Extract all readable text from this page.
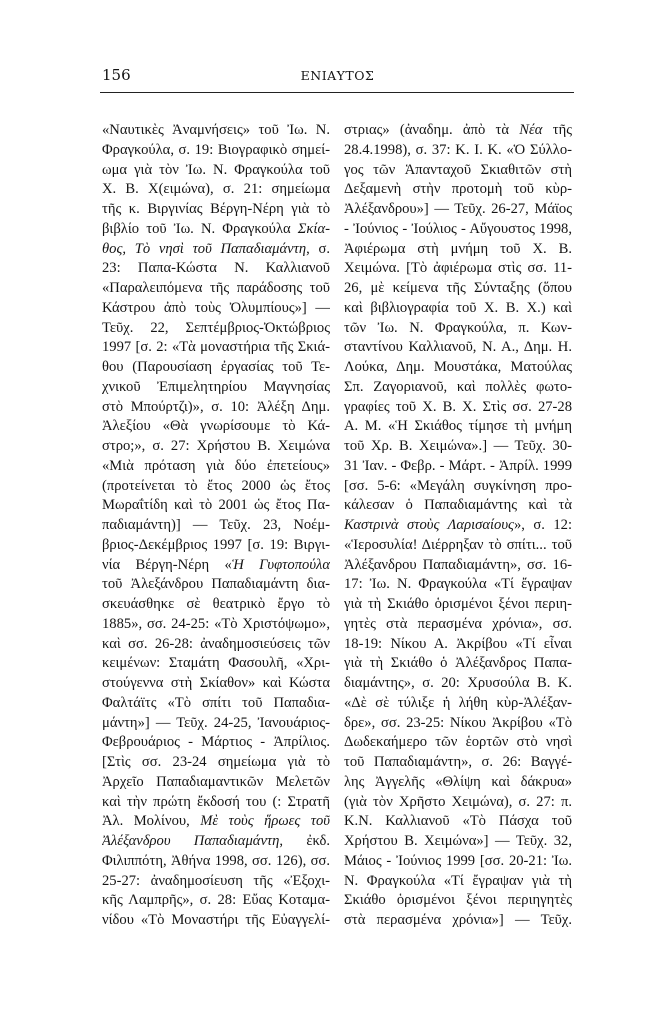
156	ΕΝΙΑΥΤΟΣ
«Ναυτικὲς Ἀναμνήσεις» τοῦ Ἰω. Ν.
Φραγκούλα, σ. 19: Βιογραφικὸ σημεί-
ωμα γιὰ τὸν Ἰω. Ν. Φραγκούλα τοῦ
Χ. Β. Χ(ειμώνα), σ. 21: σημείωμα
τῆς κ. Βιργινίας Βέργη-Νέρη γιὰ τὸ
βιβλίο τοῦ Ἰω. Ν. Φραγκούλα Σκία-
θος, Τὸ νησὶ τοῦ Παπαδιαμάντη, σ.
23: Παπα-Κώστα Ν. Καλλιανοῦ
«Παραλειπόμενα τῆς παράδοσης τοῦ
Κάστρου ἀπὸ τοὺς Ὀλυμπίους»] —
Τεῦχ. 22, Σεπτέμβριος-Ὀκτώβριος
1997 [σ. 2: «Τὰ μοναστήρια τῆς Σκιά-
θου (Παρουσίαση ἐργασίας τοῦ Τε-
χνικοῦ Ἐπιμελητηρίου Μαγνησίας
στὸ Μπούρτζι)», σ. 10: Ἀλέξη Δημ.
Ἀλεξίου «Θὰ γνωρίσουμε τὸ Κά-
στρο;», σ. 27: Χρήστου Β. Χειμώνα
«Μιὰ πρόταση γιὰ δύο ἐπετείους»
(προτείνεται τὸ ἔτος 2000 ὡς ἔτος
Μωραΐτίδη καὶ τὸ 2001 ὡς ἔτος Πα-
παδιαμάντη)] — Τεῦχ. 23, Νοέμ-
βριος-Δεκέμβριος 1997 [σ. 19: Βιργι-
νία Βέργη-Νέρη «Ἡ Γυφτοπούλα
τοῦ Ἀλεξάνδρου Παπαδιαμάντη δια-
σκευάσθηκε σὲ θεατρικὸ ἔργο τὸ
1885», σσ. 24-25: «Τὸ Χριστόψωμο»,
καὶ σσ. 26-28: ἀναδημοσιεύσεις τῶν
κειμένων: Σταμάτη Φασουλῆ, «Χρι-
στούγεννα στὴ Σκίαθον» καὶ Κώστα
Φαλτάϊτς «Τὸ σπίτι τοῦ Παπαδια-
μάντη»] — Τεῦχ. 24-25, Ἰανουάριος-
Φεβρουάριος - Μάρτιος - Ἀπρίλιος.
[Στὶς σσ. 23-24 σημείωμα γιὰ τὸ
Ἀρχεῖο Παπαδιαμαντικῶν Μελετῶν
καὶ τὴν πρώτη ἔκδοσή του (: Στρατῆ
Ἀλ. Μολίνου, Μὲ τοὺς ἥρωες τοῦ
Ἀλέξανδρου Παπαδιαμάντη, ἐκδ.
Φιλιππότη, Ἀθήνα 1998, σσ. 126), σσ.
25-27: ἀναδημοσίευση τῆς «Ἐξοχι-
κῆς Λαμπρῆς», σ. 28: Εὔας Κοταμα-
νίδου «Τὸ Μοναστήρι τῆς Εὐαγγελί-
στριας» (ἀναδημ. ἀπὸ τὰ Νέα τῆς
28.4.1998), σ. 37: Κ. Ι. Κ. «Ὁ Σύλλο-
γος τῶν Ἁπανταχοῦ Σκιαθιτῶν στὴ
Δεξαμενὴ στὴν προτομὴ τοῦ κὺρ-
Ἀλέξανδρου»] — Τεῦχ. 26-27, Μάϊος
- Ἰούνιος - Ἰούλιος - Αὔγουστος 1998,
Ἀφιέρωμα στὴ μνήμη τοῦ Χ. Β.
Χειμώνα. [Τὸ ἀφιέρωμα στὶς σσ. 11-
26, μὲ κείμενα τῆς Σύνταξης (ὅπου
καὶ βιβλιογραφία τοῦ Χ. Β. Χ.) καὶ
τῶν Ἰω. Ν. Φραγκούλα, π. Κων-
σταντίνου Καλλιανοῦ, Ν. Α., Δημ. Η.
Λούκα, Δημ. Μουστάκα, Ματούλας
Σπ. Ζαγοριανοῦ, καὶ πολλὲς φωτο-
γραφίες τοῦ Χ. Β. Χ. Στὶς σσ. 27-28
Α. Μ. «Ἡ Σκιάθος τίμησε τὴ μνήμη
τοῦ Χρ. Β. Χειμώνα».] — Τεῦχ. 30-
31 Ἰαν. - Φεβρ. - Μάρτ. - Ἀπρίλ. 1999
[σσ. 5-6: «Μεγάλη συγκίνηση προ-
κάλεσαν ὁ Παπαδιαμάντης καὶ τὰ
Καστρινὰ στοὺς Λαρισαίους», σ. 12:
«Ἱεροσυλία! Διέρρηξαν τὸ σπίτι... τοῦ
Ἀλέξανδρου Παπαδιαμάντη», σσ. 16-
17: Ἰω. Ν. Φραγκούλα «Τί ἔγραψαν
γιὰ τὴ Σκιάθο ὁρισμένοι ξένοι περιη-
γητὲς στὰ περασμένα χρόνια», σσ.
18-19: Νίκου Α. Ἀκρίβου «Τί εἶναι
γιὰ τὴ Σκιάθο ὁ Ἀλέξανδρος Παπα-
διαμάντης», σ. 20: Χρυσούλα Β. Κ.
«Δὲ σὲ τύλιξε ἡ λήθη κὺρ-Ἀλέξαν-
δρε», σσ. 23-25: Νίκου Ἀκρίβου «Τὸ
Δωδεκαήμερο τῶν ἑορτῶν στὸ νησὶ
τοῦ Παπαδιαμάντη», σ. 26: Βαγγέ-
λης Ἀγγελῆς «Θλίψη καὶ δάκρυα»
(γιὰ τὸν Χρῆστο Χειμώνα), σ. 27: π.
Κ.Ν. Καλλιανοῦ «Τὸ Πάσχα τοῦ
Χρήστου Β. Χειμώνα»] — Τεῦχ. 32,
Μάιος - Ἰούνιος 1999 [σσ. 20-21: Ἰω.
Ν. Φραγκούλα «Τί ἔγραψαν γιὰ τὴ
Σκιάθο ὁρισμένοι ξένοι περιηγητὲς
στὰ περασμένα χρόνια»] — Τεῦχ.
